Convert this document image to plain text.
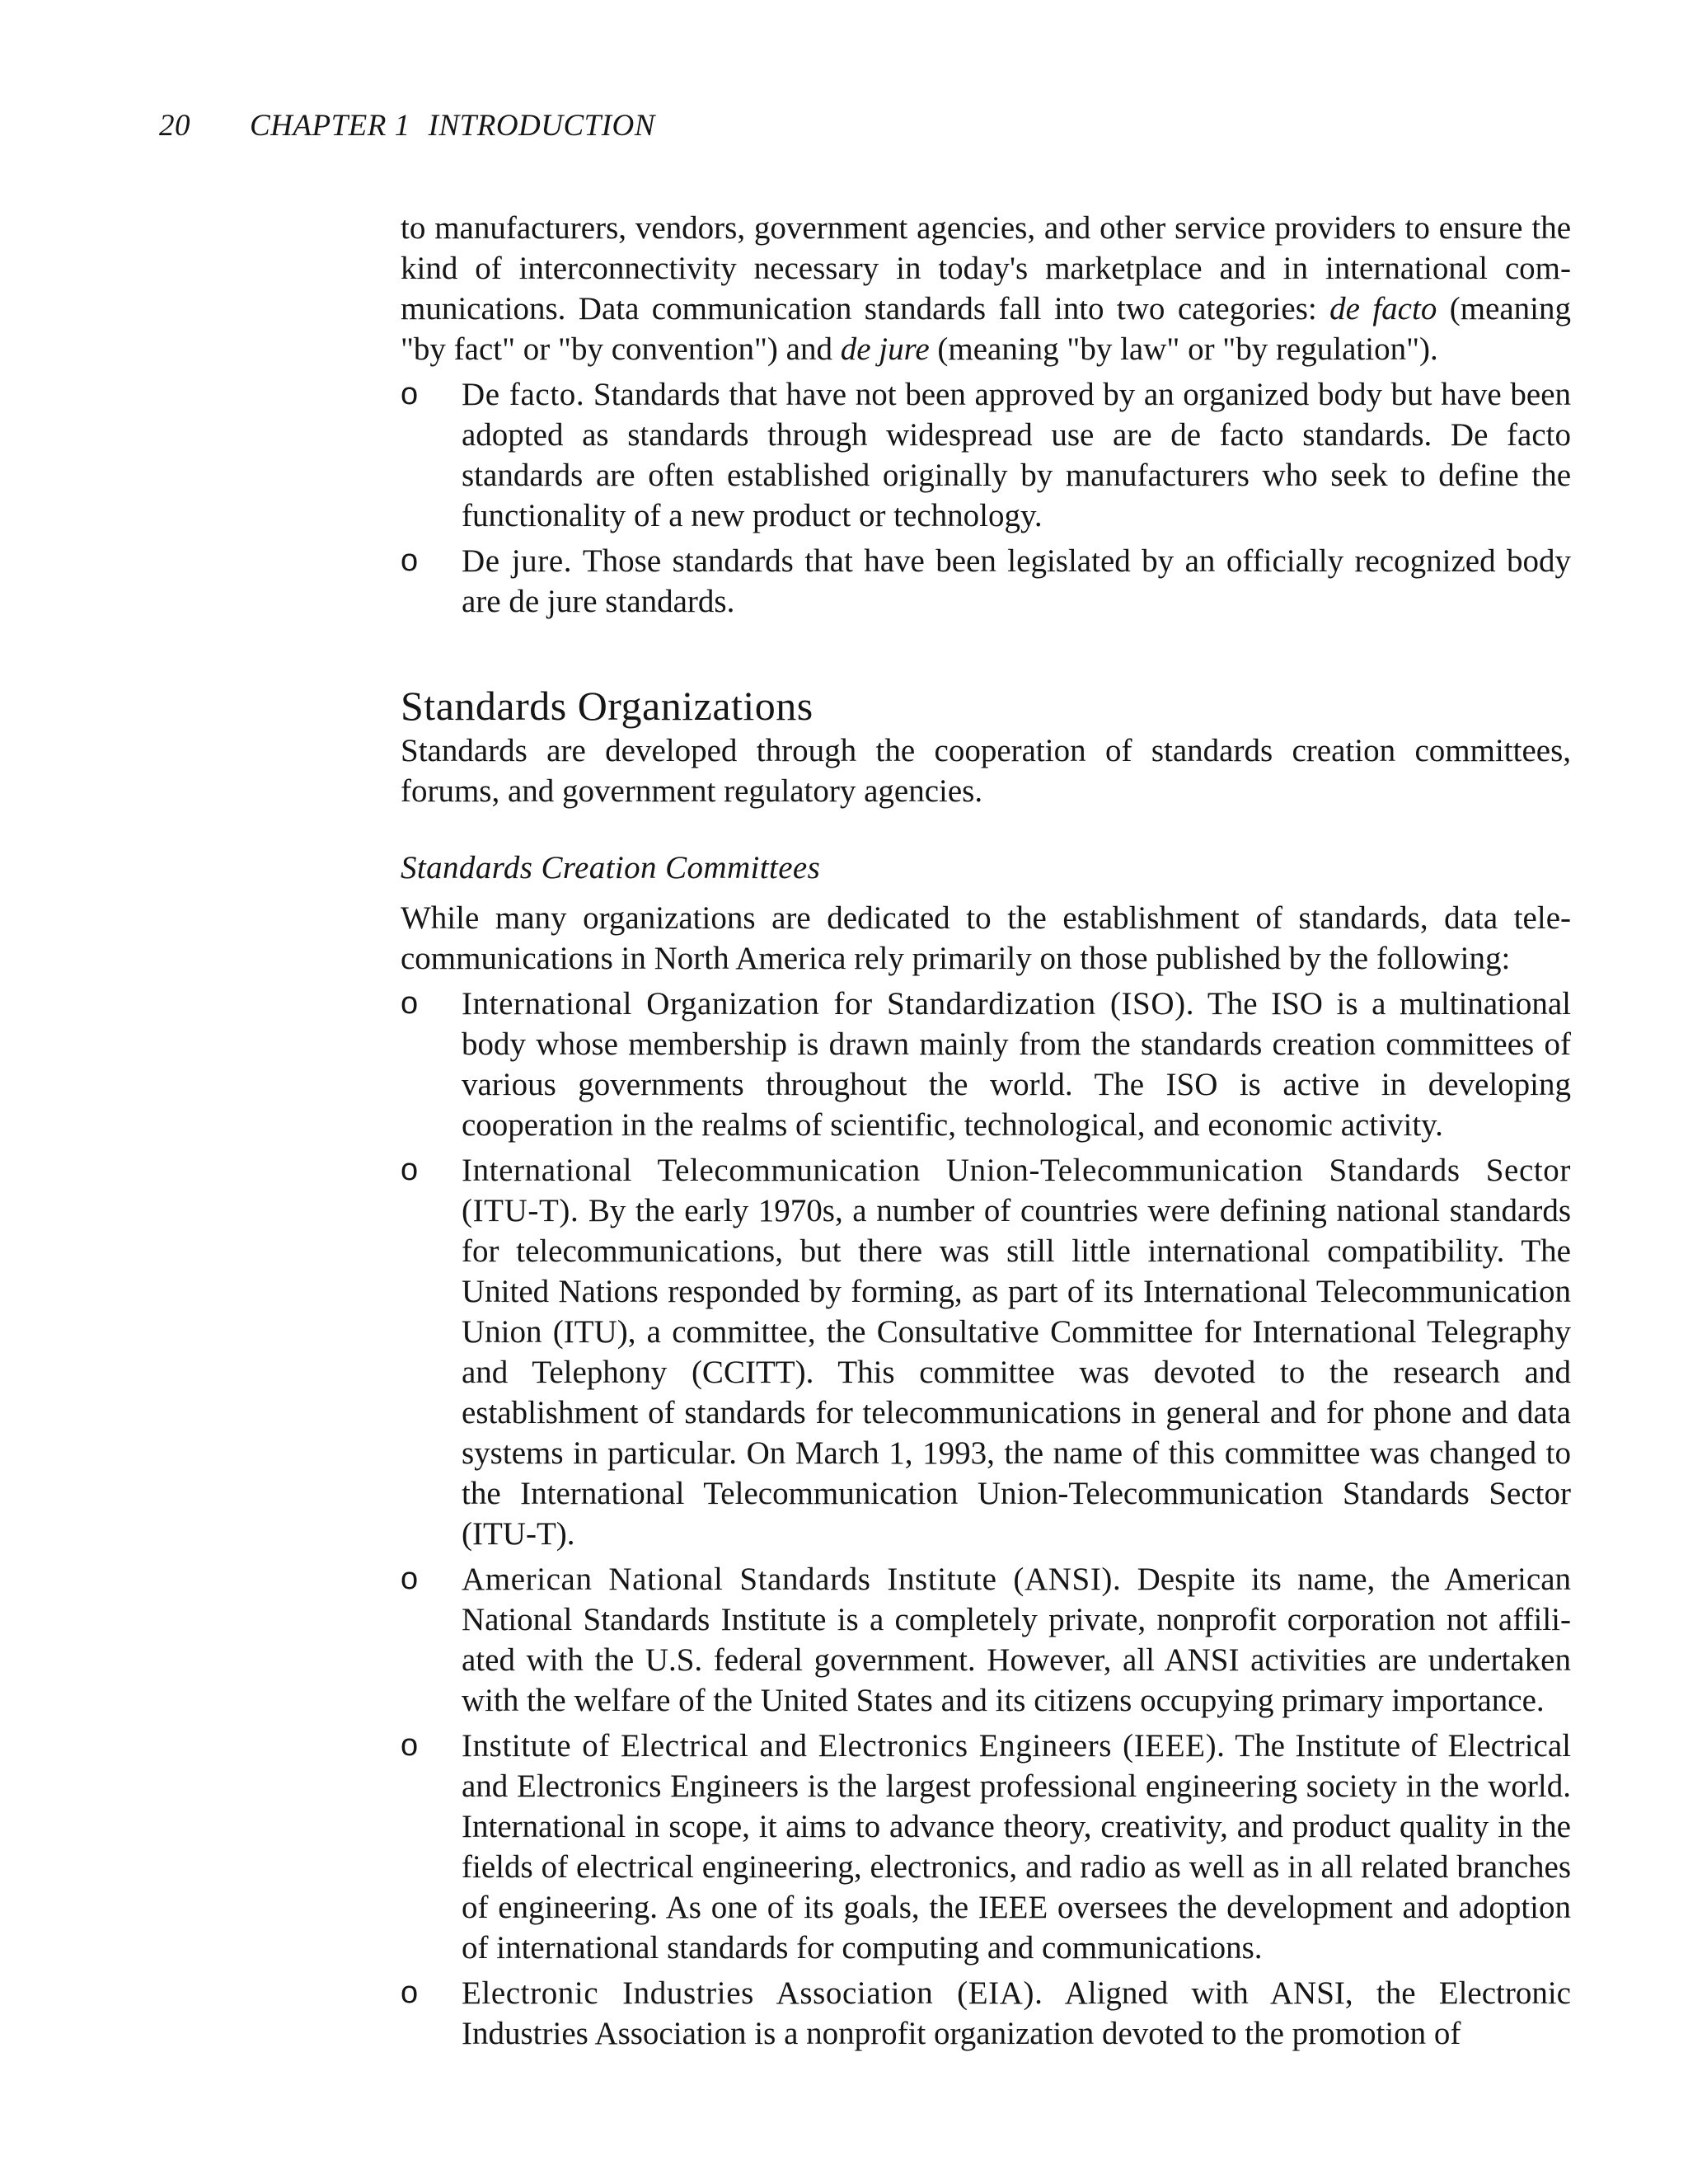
20 CHAPTER 1 INTRODUCTION

to manufacturers, vendors, government agencies, and other service providers to ensure the kind of interconnectivity necessary in today's marketplace and in international communications. Data communication standards fall into two categories: de facto (meaning "by fact" or "by convention") and de jure (meaning "by law" or "by regulation").

o De facto. Standards that have not been approved by an organized body but have been adopted as standards through widespread use are de facto standards. De facto standards are often established originally by manufacturers who seek to define the functionality of a new product or technology.
o De jure. Those standards that have been legislated by an officially recognized body are de jure standards.
Standards Organizations

Standards are developed through the cooperation of standards creation committees, forums, and government regulatory agencies.

Standards Creation Committees

While many organizations are dedicated to the establishment of standards, data telecommunications in North America rely primarily on those published by the following:

o International Organization for Standardization (ISO). The ISO is a multinational body whose membership is drawn mainly from the standards creation committees of various governments throughout the world. The ISO is active in developing cooperation in the realms of scientific, technological, and economic activity.
o International Telecommunication Union-Telecommunication Standards Sector (ITU-T). By the early 1970s, a number of countries were defining national standards for telecommunications, but there was still little international compatibility. The United Nations responded by forming, as part of its International Telecommunication Union (ITU), a committee, the Consultative Committee for International Telegraphy and Telephony (CCITT). This committee was devoted to the research and establishment of standards for telecommunications in general and for phone and data systems in particular. On March 1, 1993, the name of this committee was changed to the International Telecommunication Union-Telecommunication Standards Sector (ITU-T).
o American National Standards Institute (ANSI). Despite its name, the American National Standards Institute is a completely private, nonprofit corporation not affiliated with the U.S. federal government. However, all ANSI activities are undertaken with the welfare of the United States and its citizens occupying primary importance.
o Institute of Electrical and Electronics Engineers (IEEE). The Institute of Electrical and Electronics Engineers is the largest professional engineering society in the world. International in scope, it aims to advance theory, creativity, and product quality in the fields of electrical engineering, electronics, and radio as well as in all related branches of engineering. As one of its goals, the IEEE oversees the development and adoption of international standards for computing and communications.
o Electronic Industries Association (EIA). Aligned with ANSI, the Electronic Industries Association is a nonprofit organization devoted to the promotion of
